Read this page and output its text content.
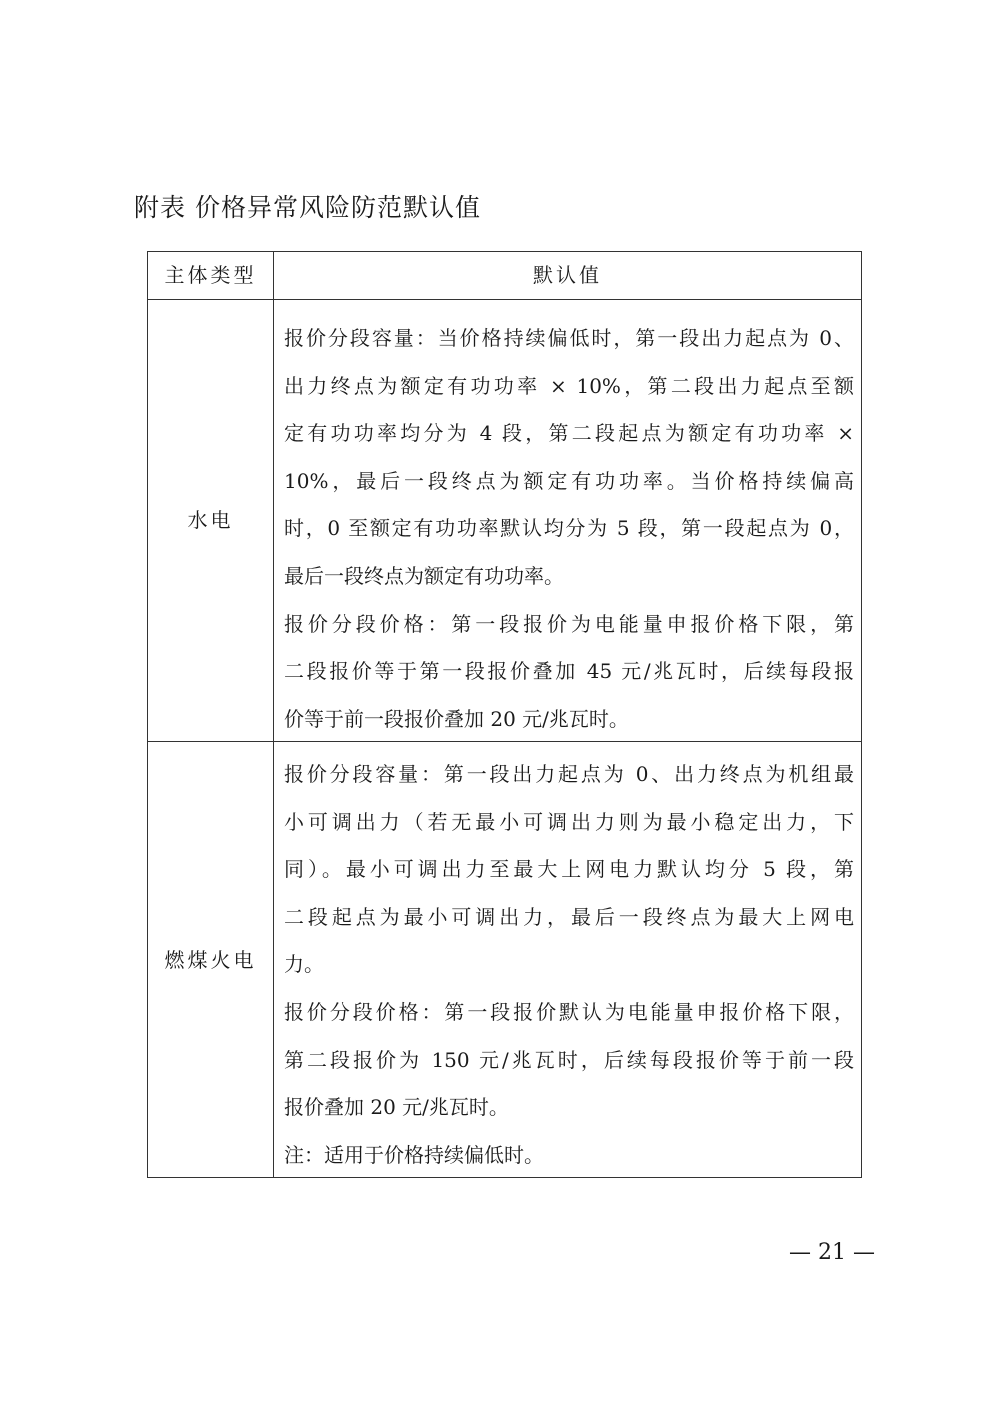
附表 价格异常风险防范默认值
主体类型	默认值
水电
报价分段容量：当价格持续偏低时，第一段出力起点为 0、
出力终点为额定有功功率 × 10%，第二段出力起点至额
定有功功率均分为 4 段，第二段起点为额定有功功率 ×
10%，最后一段终点为额定有功功率。当价格持续偏高
时，0 至额定有功功率默认均分为 5 段，第一段起点为 0，
最后一段终点为额定有功功率。
报价分段价格：第一段报价为电能量申报价格下限，第
二段报价等于第一段报价叠加 45 元/兆瓦时，后续每段报
价等于前一段报价叠加 20 元/兆瓦时。
燃煤火电
报价分段容量：第一段出力起点为 0、出力终点为机组最
小可调出力（若无最小可调出力则为最小稳定出力，下
同）。最小可调出力至最大上网电力默认均分 5 段，第
二段起点为最小可调出力，最后一段终点为最大上网电
力。
报价分段价格：第一段报价默认为电能量申报价格下限，
第二段报价为 150 元/兆瓦时，后续每段报价等于前一段
报价叠加 20 元/兆瓦时。
注：适用于价格持续偏低时。
— 21 —
